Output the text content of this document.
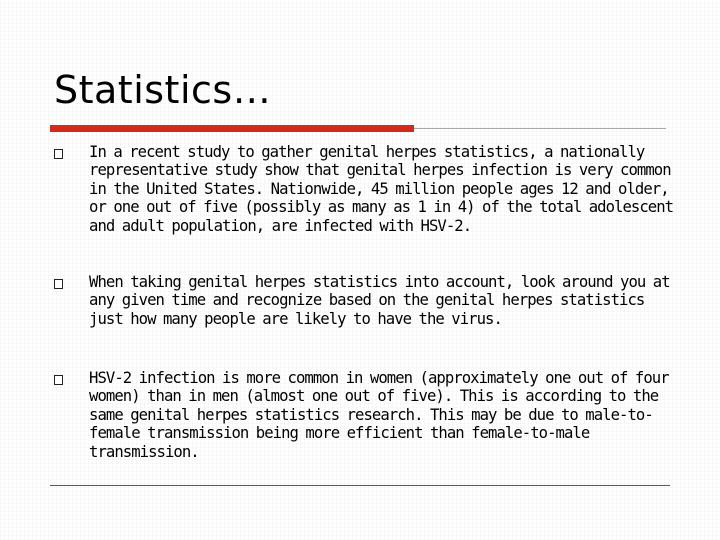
Statistics…

In a recent study to gather genital herpes statistics, a nationally representative study show that genital herpes infection is very common in the United States. Nationwide, 45 million people ages 12 and older, or one out of five (possibly as many as 1 in 4) of the total adolescent and adult population, are infected with HSV-2.

When taking genital herpes statistics into account, look around you at any given time and recognize based on the genital herpes statistics just how many people are likely to have the virus.

HSV-2 infection is more common in women (approximately one out of four women) than in men (almost one out of five). This is according to the same genital herpes statistics research. This may be due to male-to-female transmission being more efficient than female-to-male transmission.
